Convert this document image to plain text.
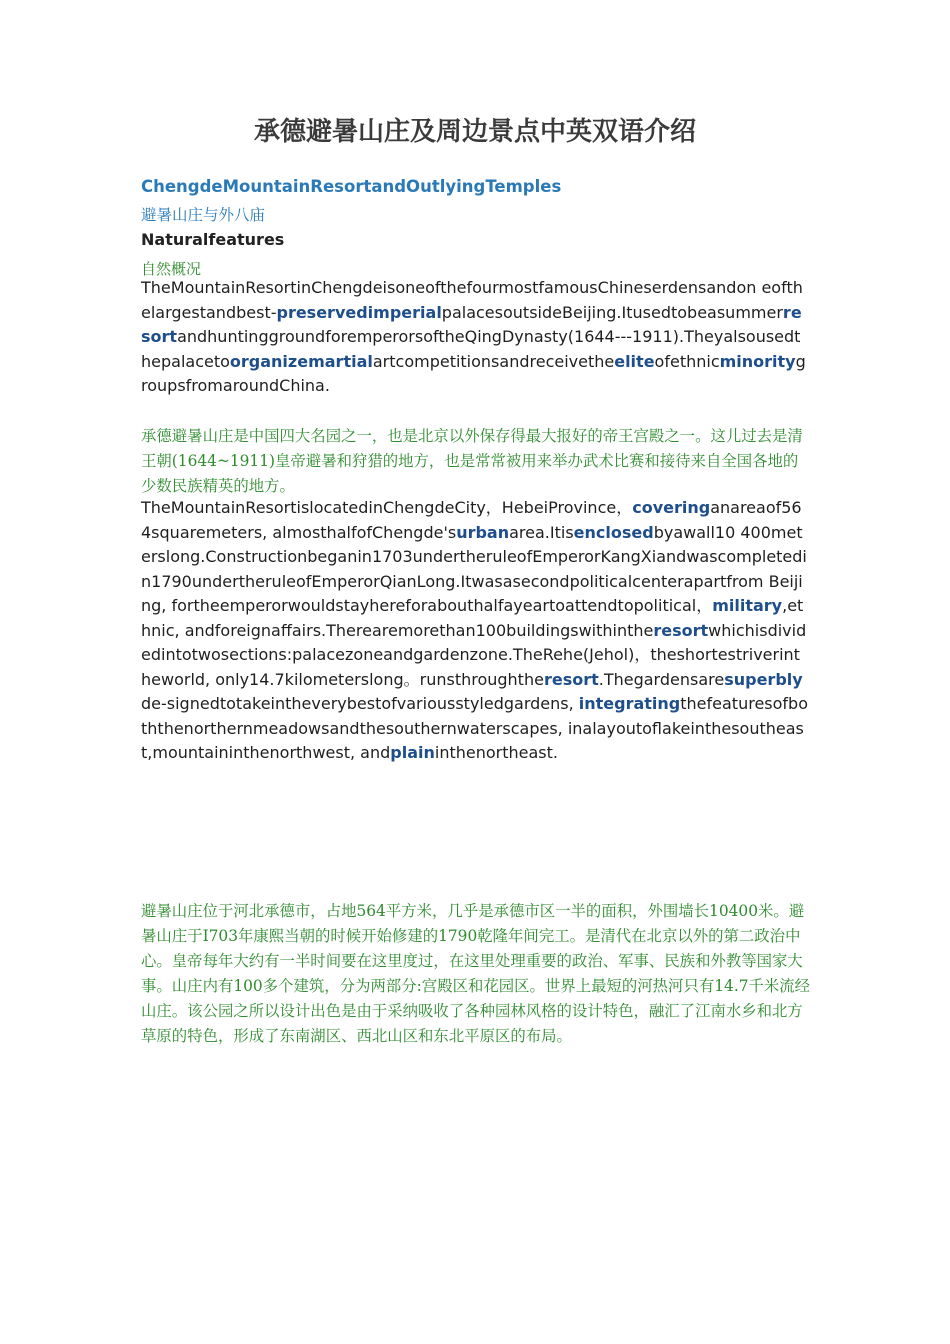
承德避暑山庄及周边景点中英双语介绍
ChengdeMountainResortandOutlyingTemples
避暑山庄与外八庙
Naturalfeatures
自然概况

TheMountainResortinChengdeisoneofthefourmostfamousChineserdensandon eofthelargestandbest-preservedimperialpalacesoutsideBeijing.ItusedtobeasummerresortandhuntinggroundforemperorsoftheQingDynasty(1644---1911).TheyalsousedthepalacetoorganizemartialartcompetitionsandreceivetheeliteofethnicminoritygroupsfromaroundChina.

承德避暑山庄是中国四大名园之一，也是北京以外保存得最大报好的帝王宫殿之一。这儿过去是清王朝(1644~1911)皇帝避暑和狩猎的地方，也是常常被用来举办武术比赛和接待来自全国各地的少数民族精英的地方。

TheMountainResortislocatedinChengdeCity，HebeiProvince，coveringanareaof564squaremeters, almosthalfofChengde'surbanarea.Itisenclosedbyawall10 400meterslong.Constructionbeganin1703undertheruleofEmperorKangXiandwascompletedin1790undertheruleofEmperorQianLong.Itwasasecondpoliticalcenterapartfrom Beijing, fortheemperorwouldstayhereforabouthalfayeartoattendtopolitical，military,ethnic, andforeignaffairs.Therearemorethan100buildingswithintheresortwhichisdividedintotwosections:palacezoneandgardenzone.TheRehe(Jehol)，theshortestriverintheworld, only14.7kilometerslong。runsthroughtheresort.Thegardensaresuperblyde-signedtotakeintheverybestofvariousstyledgardens, integratingthefeaturesofboththenorthernmeadowsandthesouthernwaterscapes, inalayoutoflakeinthesoutheast,mountaininthenorthwest, andplaininthenortheast.

避暑山庄位于河北承德市，占地564平方米，几乎是承德市区一半的面积，外围墙长10400米。避暑山庄于I703年康熙当朝的时候开始修建的1790乾隆年间完工。是清代在北京以外的第二政治中心。皇帝每年大约有一半时间要在这里度过，在这里处理重要的政治、军事、民族和外教等国家大事。山庄内有100多个建筑，分为两部分:宫殿区和花园区。世界上最短的河热河只有14.7千米流经山庄。该公园之所以设计出色是由于采纳吸收了各种园林风格的设计特色，融汇了江南水乡和北方草原的特色，形成了东南湖区、西北山区和东北平原区的布局。
